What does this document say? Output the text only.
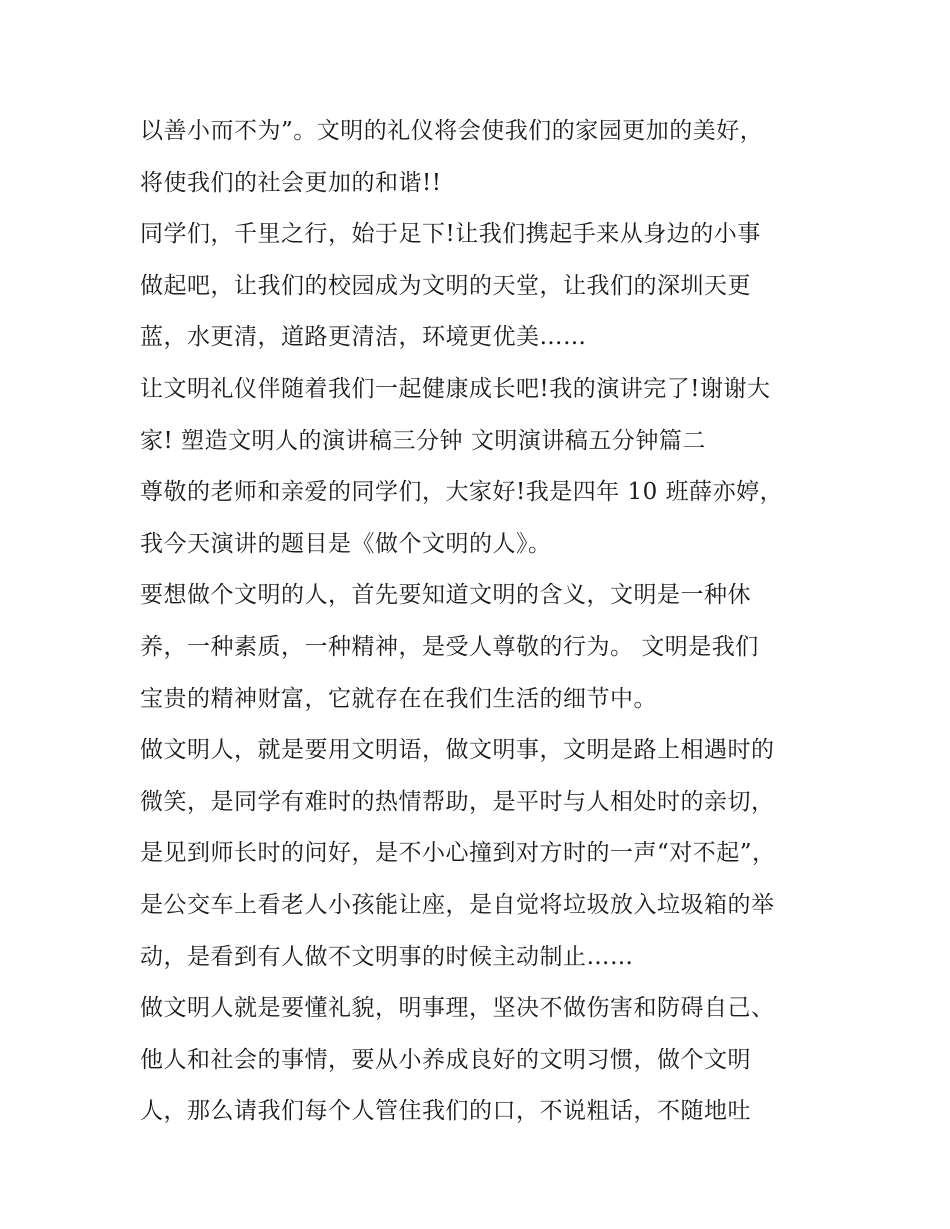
以善小而不为”。文明的礼仪将会使我们的家园更加的美好，

将使我们的社会更加的和谐!!

同学们，千里之行，始于足下!让我们携起手来从身边的小事

做起吧，让我们的校园成为文明的天堂，让我们的深圳天更

蓝，水更清，道路更清洁，环境更优美……

让文明礼仪伴随着我们一起健康成长吧!我的演讲完了!谢谢大

家! 塑造文明人的演讲稿三分钟 文明演讲稿五分钟篇二

尊敬的老师和亲爱的同学们，大家好!我是四年 10 班薛亦婷，

我今天演讲的题目是《做个文明的人》。

要想做个文明的人，首先要知道文明的含义，文明是一种休

养，一种素质，一种精神，是受人尊敬的行为。 文明是我们

宝贵的精神财富，它就存在在我们生活的细节中。

做文明人，就是要用文明语，做文明事，文明是路上相遇时的

微笑，是同学有难时的热情帮助，是平时与人相处时的亲切，

是见到师长时的问好，是不小心撞到对方时的一声“对不起”，

是公交车上看老人小孩能让座，是自觉将垃圾放入垃圾箱的举

动，是看到有人做不文明事的时候主动制止……

做文明人就是要懂礼貌，明事理，坚决不做伤害和防碍自己、

他人和社会的事情，要从小养成良好的文明习惯，做个文明

人，那么请我们每个人管住我们的口，不说粗话，不随地吐
